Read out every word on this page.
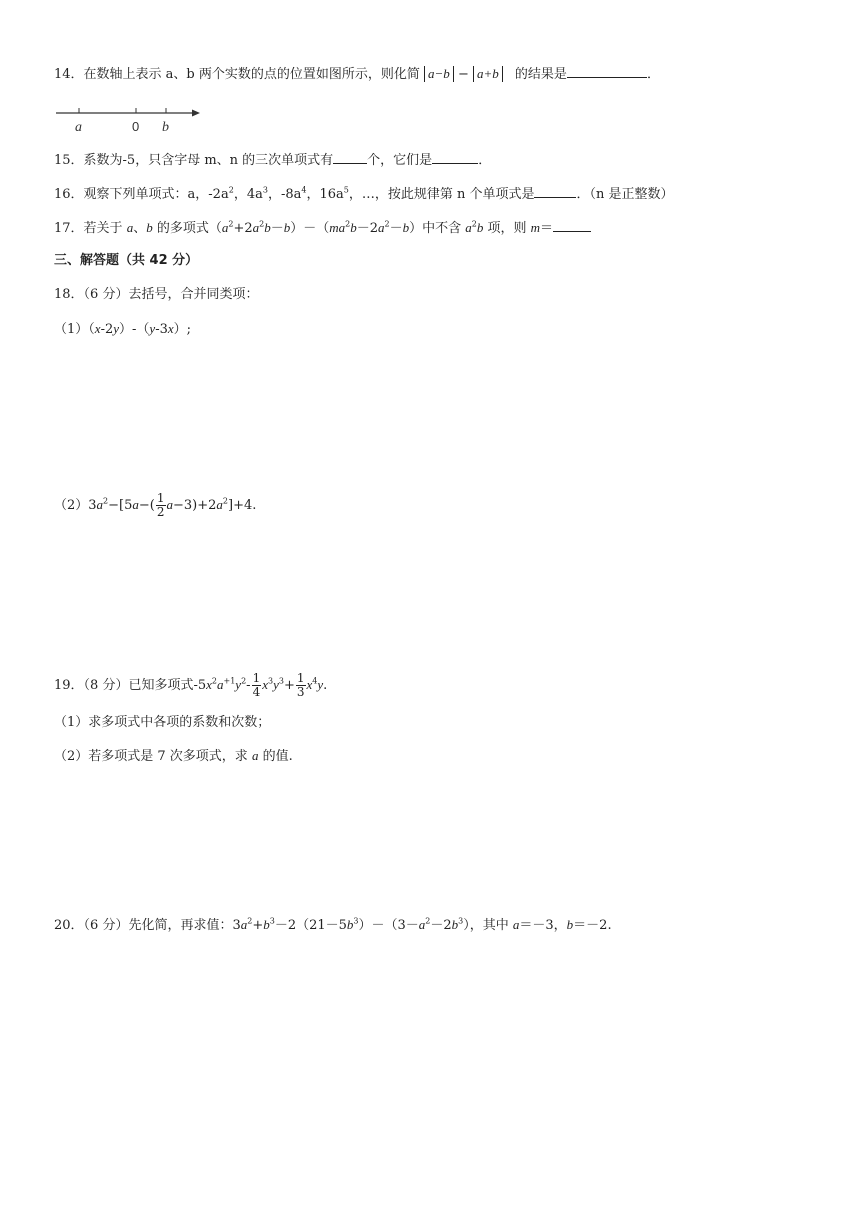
14．在数轴上表示 a、b 两个实数的点的位置如图所示，则化简 a−b − a+b 的结果是	．
a	0 b
15．系数为-5，只含字母 m、n 的三次单项式有	个，它们是	．
16．观察下列单项式：a，$-2a^2$，$4a^3$，$-8a^4$，$16a^5$，…，按此规律第 n 个单项式是	．（n 是正整数）
17．若关于 a、b 的多项式$(a^2+2a^2b-b)-(ma^2b-2a^2-b)$中不含 $a^2b$ 项，则 m＝
三、解答题（共 42 分）
18．（6 分）去括号，合并同类项：
（1）（x-2y）-（y-3x）;
$(2)3a^2-[5a-( \frac{1}{2} a-3)+2a^2]+4$.
19．（8 分）已知多项式$-5x^2a^{+1}y^2- \frac{1}{4} x^3y^3+ \frac{1}{3} x^4y$.
（1）求多项式中各项的系数和次数；
（2）若多项式是 7 次多项式，求 a 的值.
20．（6 分）先化简，再求值：$3a^2+b^3-2(21-5b^3)-(3-a^2-2b^3)$，其中 a＝－3，b＝－2.
